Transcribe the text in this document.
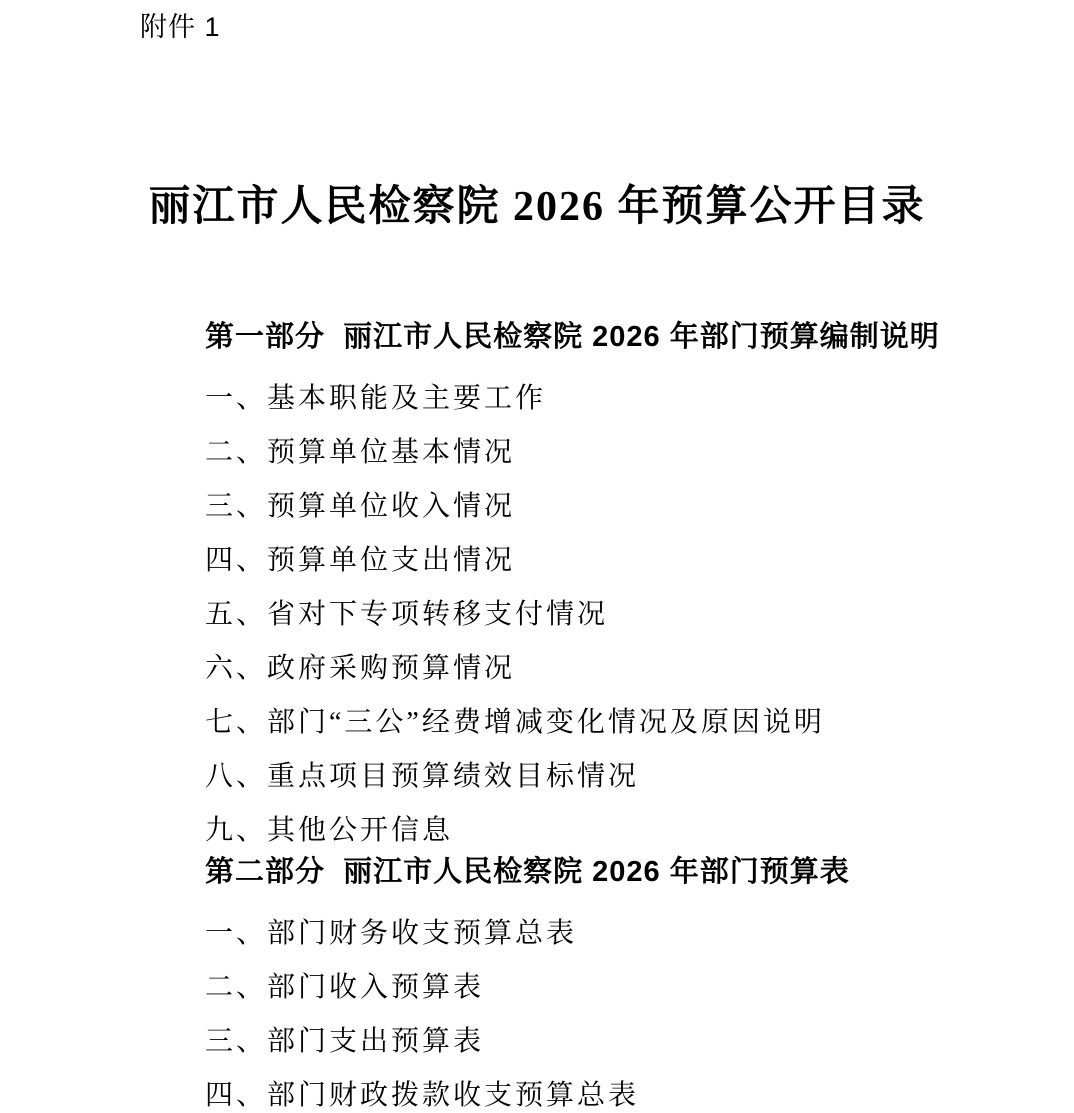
附件 1
丽江市人民检察院 2026 年预算公开目录
第一部分  丽江市人民检察院 2026 年部门预算编制说明
一、基本职能及主要工作
二、预算单位基本情况
三、预算单位收入情况
四、预算单位支出情况
五、省对下专项转移支付情况
六、政府采购预算情况
七、部门“三公”经费增减变化情况及原因说明
八、重点项目预算绩效目标情况
九、其他公开信息
第二部分  丽江市人民检察院 2026 年部门预算表
一、部门财务收支预算总表
二、部门收入预算表
三、部门支出预算表
四、部门财政拨款收支预算总表
